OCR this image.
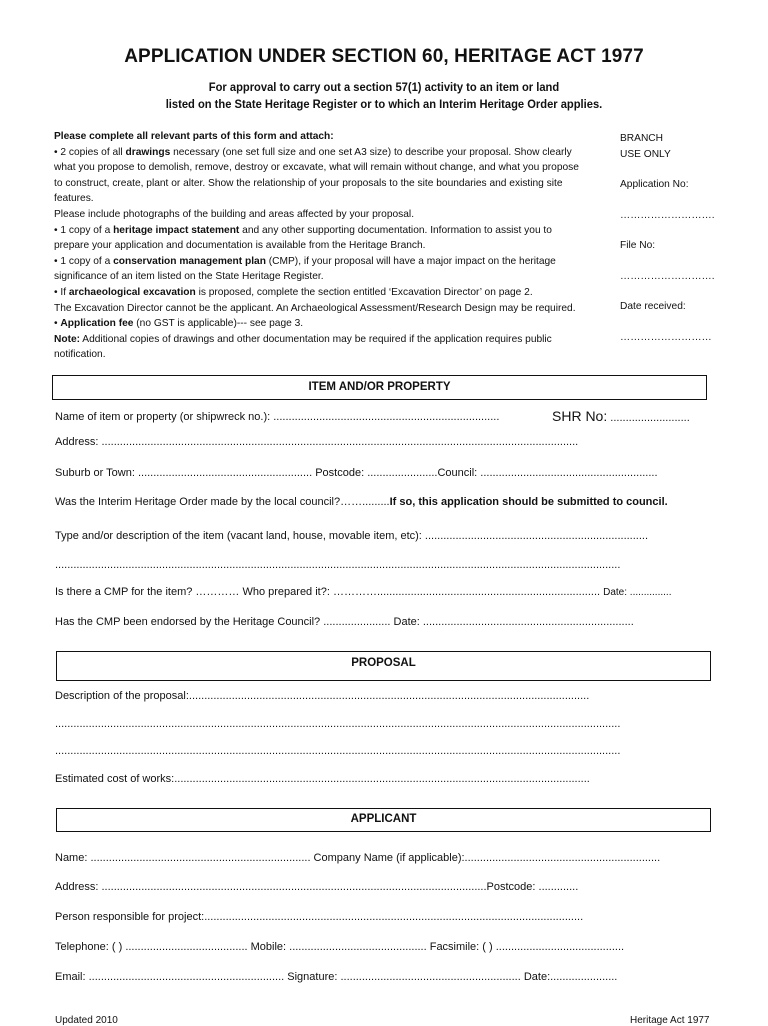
APPLICATION UNDER SECTION 60, HERITAGE ACT 1977
For approval to carry out a section 57(1) activity to an item or land
listed on the State Heritage Register or to which an Interim Heritage Order applies.
Please complete all relevant parts of this form and attach:
• 2 copies of all drawings necessary (one set full size and one set A3 size) to describe your proposal. Show clearly
what you propose to demolish, remove, destroy or excavate, what will remain without change, and what you propose
to construct, create, plant or alter. Show the relationship of your proposals to the site boundaries and existing site
features.
Please include photographs of the building and areas affected by your proposal.
• 1 copy of a heritage impact statement and any other supporting documentation. Information to assist you to
prepare your application and documentation is available from the Heritage Branch.
• 1 copy of a conservation management plan (CMP), if your proposal will have a major impact on the heritage
significance of an item listed on the State Heritage Register.
• If archaeological excavation is proposed, complete the section entitled ‘Excavation Director’ on page 2.
The Excavation Director cannot be the applicant. An Archaeological Assessment/Research Design may be required.
• Application fee (no GST is applicable)--- see page 3.
Note: Additional copies of drawings and other documentation may be required if the application requires public
notification.
BRANCH
USE ONLY
Application No:
……………………….
File No:
……………………….
Date received:
………………………
ITEM AND/OR PROPERTY
Name of item or property (or shipwreck no.): ..........................................................................	SHR No: ..........................
Address: ............................................................................................................................................................
Suburb or Town: ......................................................... Postcode: .......................Council: ..........................................................
Was the Interim Heritage Order made by the local council?…….........If so, this application should be submitted to council.
Type and/or description of the item (vacant land, house, movable item, etc): .........................................................................
.........................................................................................................................................................................................
Is there a CMP for the item? ………… Who prepared it?: …………......................................................................... Date: ...............
Has the CMP been endorsed by the Heritage Council? ...................... Date: .....................................................................
PROPOSAL
Description of the proposal:...................................................................................................................................
.........................................................................................................................................................................................
.........................................................................................................................................................................................
Estimated cost of works:........................................................................................................................................
APPLICANT
Name: ........................................................................ Company Name (if applicable):................................................................
Address: ..............................................................................................................................Postcode: .............
Person responsible for project:............................................................................................................................
Telephone: ( ) ........................................ Mobile: ............................................. Facsimile: ( ) ..........................................
Email: ................................................................ Signature: ........................................................... Date:......................
Updated 2010	Heritage Act 1977
